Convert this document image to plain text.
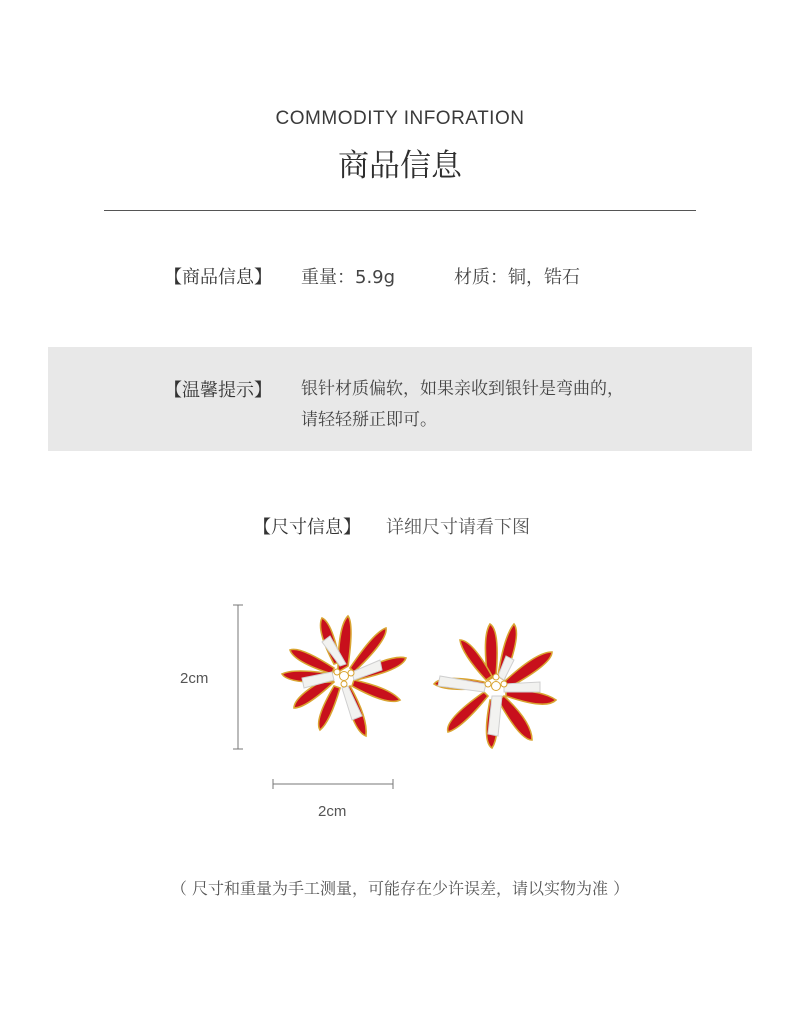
COMMODITY INFORATION
商品信息
【商品信息】 重量：5.9g	材质：铜，锆石
【温馨提示】 银针材质偏软，如果亲收到银针是弯曲的，
请轻轻掰正即可。
【尺寸信息】 详细尺寸请看下图
2cm
2cm
（ 尺寸和重量为手工测量，可能存在少许误差，请以实物为准 ）
